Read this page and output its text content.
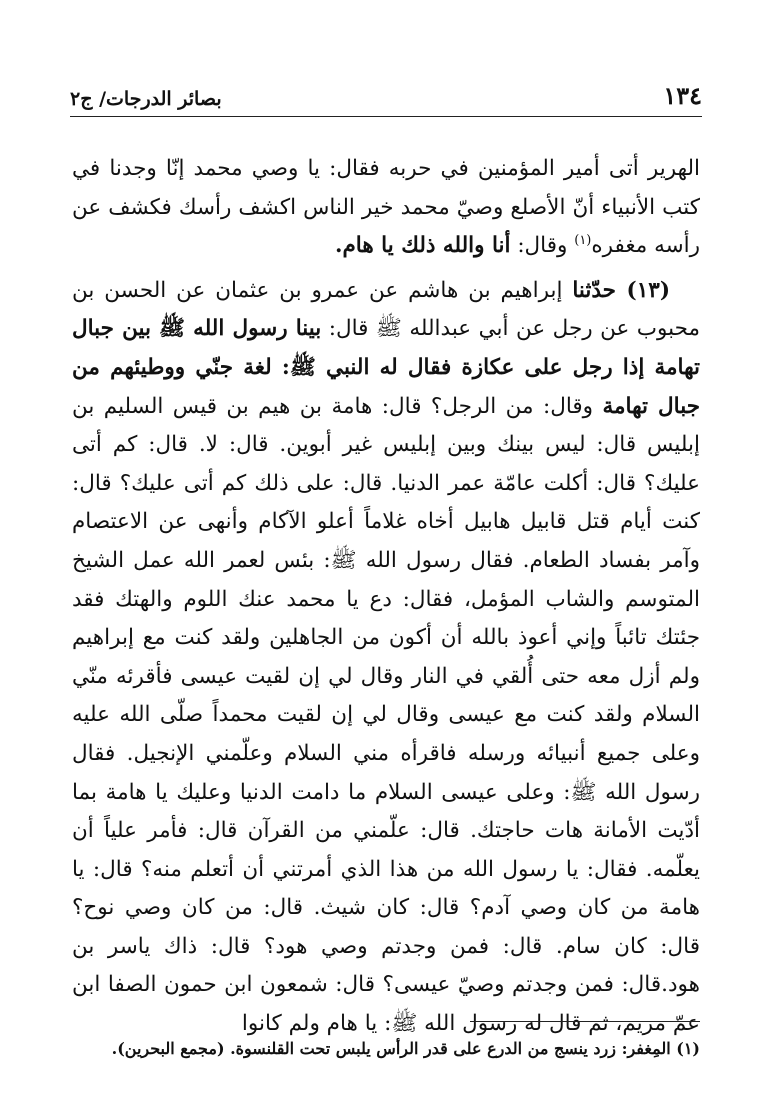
١٣٤
بصائر الدرجات/ ج٢

الهرير أتى أمير المؤمنين في حربه فقال: يا وصي محمد إنّا وجدنا في كتب الأنبياء أنّ الأصلع وصيّ محمد خير الناس اكشف رأسك فكشف عن رأسه مغفره$^{(١)}$ وقال: أنا والله ذلك يا هام.

(١٣) حدّثنا إبراهيم بن هاشم عن عمرو بن عثمان عن الحسن بن محبوب عن رجل عن أبي عبدالله ﷺ قال: بينا رسول الله ﷺ بين جبال تهامة إذا رجل على عكازة فقال له النبي ﷺ: لغة جنّي ووطيئهم من جبال تهامة وقال: من الرجل؟ قال: هامة بن هيم بن قيس السليم بن إبليس قال: ليس بينك وبين إبليس غير أبوين. قال: لا. قال: كم أتى عليك؟ قال: أكلت عامّة عمر الدنيا. قال: على ذلك كم أتى عليك؟ قال: كنت أيام قتل قابيل هابيل أخاه غلاماً أعلو الآكام وأنهى عن الاعتصام وآمر بفساد الطعام. فقال رسول الله ﷺ: بئس لعمر الله عمل الشيخ المتوسم والشاب المؤمل، فقال: دع يا محمد عنك اللوم والهتك فقد جئتك تائباً وإني أعوذ بالله أن أكون من الجاهلين ولقد كنت مع إبراهيم ولم أزل معه حتى أُلقي في النار وقال لي إن لقيت عيسى فأقرئه منّي السلام ولقد كنت مع عيسى وقال لي إن لقيت محمداً صلّى الله عليه وعلى جميع أنبيائه ورسله فاقرأه مني السلام وعلّمني الإنجيل. فقال رسول الله ﷺ: وعلى عيسى السلام ما دامت الدنيا وعليك يا هامة بما أدّيت الأمانة هات حاجتك. قال: علّمني من القرآن قال: فأمر علياً أن يعلّمه. فقال: يا رسول الله من هذا الذي أمرتني أن أتعلم منه؟ قال: يا هامة من كان وصي آدم؟ قال: كان شيث. قال: من كان وصي نوح؟ قال: كان سام. قال: فمن وجدتم وصي هود؟ قال: ذاك ياسر بن هود.قال: فمن وجدتم وصيّ عيسى؟ قال: شمعون ابن حمون الصفا ابن عمّ مريم، ثم قال له رسول الله ﷺ: يا هام ولم كانوا

(١) المِغفر: زرد ينسج من الدرع على قدر الرأس يلبس تحت القلنسوة. (مجمع البحرين).
